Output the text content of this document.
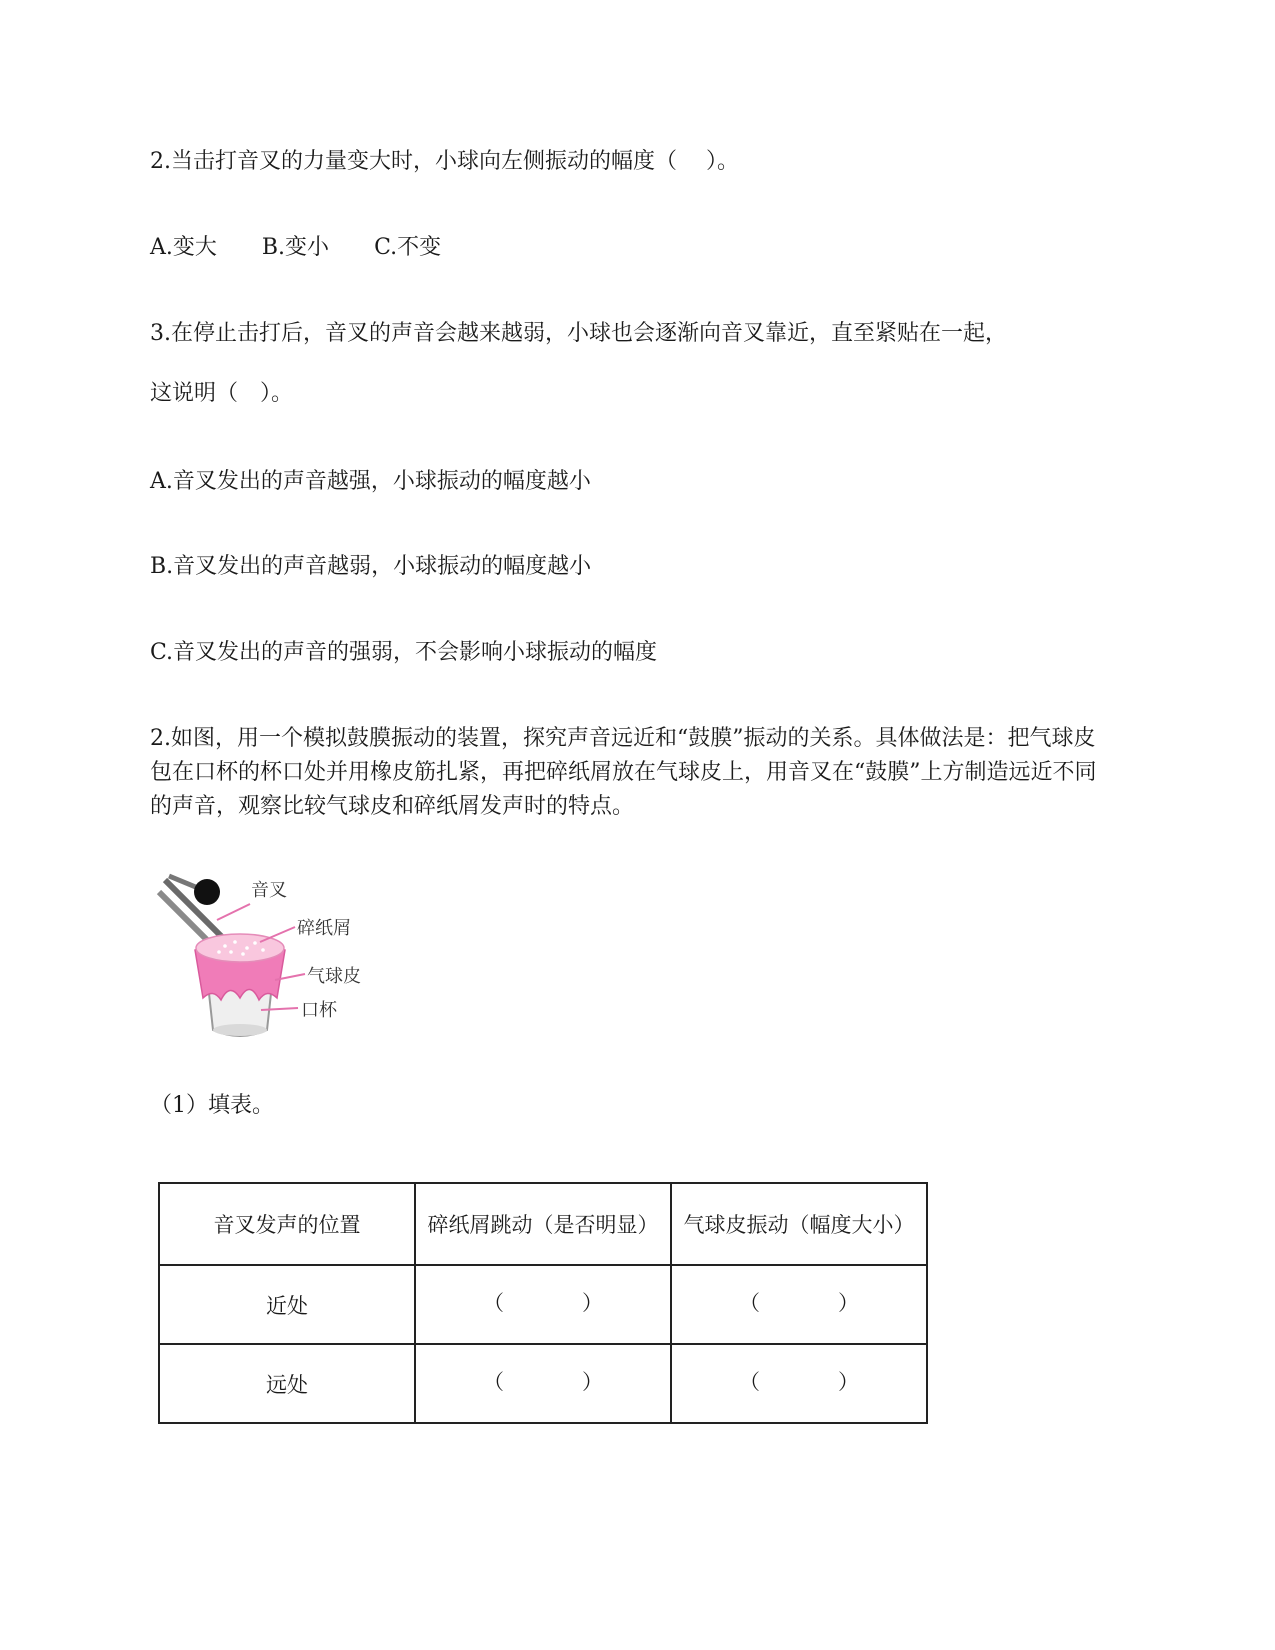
2.当击打音叉的力量变大时，小球向左侧振动的幅度（　 ）。
A.变大 B.变小 C.不变
3.在停止击打后，音叉的声音会越来越弱，小球也会逐渐向音叉靠近，直至紧贴在一起，
这说明（　）。
A.音叉发出的声音越强，小球振动的幅度越小
B.音叉发出的声音越弱，小球振动的幅度越小
C.音叉发出的声音的强弱，不会影响小球振动的幅度
2.如图，用一个模拟鼓膜振动的装置，探究声音远近和“鼓膜”振动的关系。具体做法是：把气球皮包在口杯的杯口处并用橡皮筋扎紧，再把碎纸屑放在气球皮上，用音叉在“鼓膜”上方制造远近不同的声音，观察比较气球皮和碎纸屑发声时的特点。
音叉
碎纸屑
气球皮
口杯
（1）填表。
音叉发声的位置	碎纸屑跳动（是否明显）	气球皮振动（幅度大小）
近处	（ ）	（ ）

远处	（ ）	（ ）
